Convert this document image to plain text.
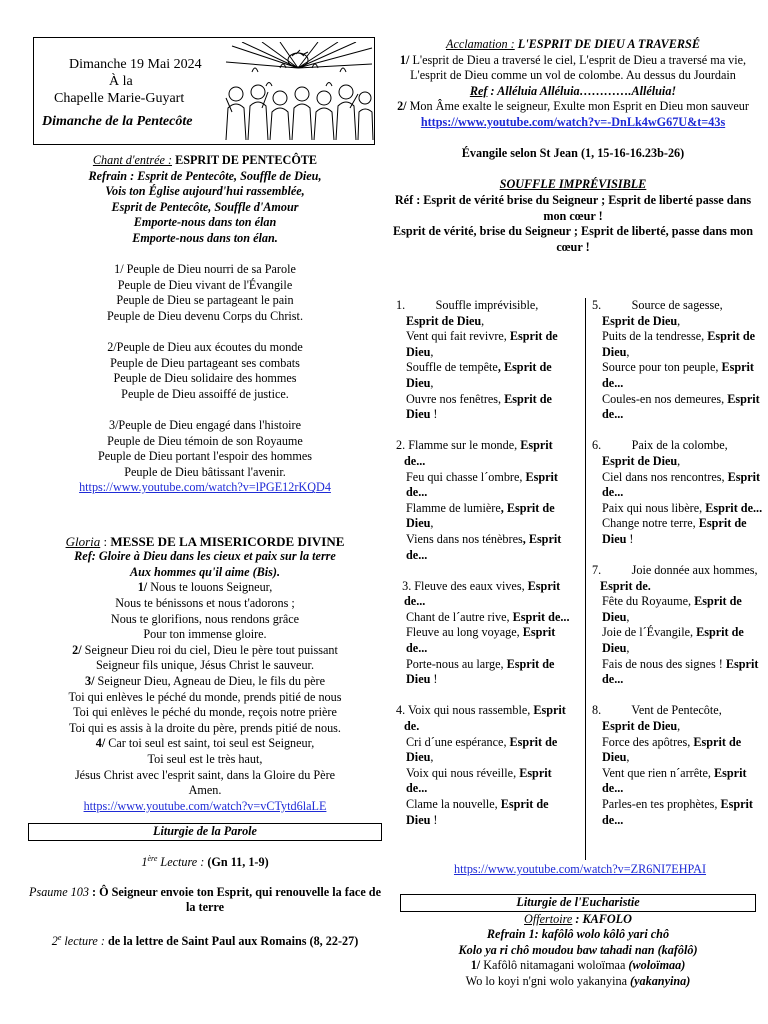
Dimanche 19 Mai 2024
À la
Chapelle Marie-Guyart
Dimanche de la Pentecôte
Chant d'entrée : ESPRIT DE PENTECÔTE
Refrain : Esprit de Pentecôte, Souffle de Dieu,
Vois ton Église aujourd'hui rassemblée,
Esprit de Pentecôte, Souffle d'Amour
Emporte-nous dans ton élan
Emporte-nous dans ton élan.
1/ Peuple de Dieu nourri de sa Parole
Peuple de Dieu vivant de l'Évangile
Peuple de Dieu se partageant le pain
Peuple de Dieu devenu Corps du Christ.
2/Peuple de Dieu aux écoutes du monde
Peuple de Dieu partageant ses combats
Peuple de Dieu solidaire des hommes
Peuple de Dieu assoiffé de justice.
3/Peuple de Dieu engagé dans l'histoire
Peuple de Dieu témoin de son Royaume
Peuple de Dieu portant l'espoir des hommes
Peuple de Dieu bâtissant l'avenir.
https://www.youtube.com/watch?v=lPGE12rKQD4
Gloria : MESSE DE LA MISERICORDE DIVINE
Ref: Gloire à Dieu dans les cieux et paix sur la terre
Aux hommes qu'il aime (Bis).
1/ Nous te louons Seigneur,
Nous te bénissons et nous t'adorons ;
Nous te glorifions, nous rendons grâce
Pour ton immense gloire.
2/ Seigneur Dieu roi du ciel, Dieu le père tout puissant
Seigneur fils unique, Jésus Christ le sauveur.
3/ Seigneur Dieu, Agneau de Dieu, le fils du père
Toi qui enlèves le péché du monde, prends pitié de nous
Toi qui enlèves le péché du monde, reçois notre prière
Toi qui es assis à la droite du père, prends pitié de nous.
4/ Car toi seul est saint, toi seul est Seigneur,
Toi seul est le très haut,
Jésus Christ avec l'esprit saint, dans la Gloire du Père
Amen.
https://www.youtube.com/watch?v=vCTytd6laLE
Liturgie de la Parole
1ère Lecture : (Gn 11, 1-9)
Psaume 103 : Ô Seigneur envoie ton Esprit, qui renouvelle la face de la terre
2e lecture : de la lettre de Saint Paul aux Romains (8, 22-27)
Acclamation : L'ESPRIT DE DIEU A TRAVERSÉ
1/ L'esprit de Dieu a traversé le ciel, L'esprit de Dieu a traversé ma vie, L'esprit de Dieu comme un vol de colombe. Au dessus du Jourdain
Ref : Alléluia Alléluia………….Alléluia!
2/ Mon Âme exalte le seigneur, Exulte mon Esprit en Dieu mon sauveur
https://www.youtube.com/watch?v=-DnLk4wG67U&t=43s
Évangile selon St Jean (1, 15-16-16.23b-26)
SOUFFLE IMPRÉVISIBLE
Réf : Esprit de vérité brise du Seigneur ; Esprit de liberté passe dans mon cœur !
Esprit de vérité, brise du Seigneur ; Esprit de liberté, passe dans mon cœur !
1.          Souffle imprévisible,
Esprit de Dieu,
Vent qui fait revivre, Esprit de Dieu,
Souffle de tempête, Esprit de Dieu,
Ouvre nos fenêtres, Esprit de Dieu !
2. Flamme sur le monde, Esprit de...
Feu qui chasse l´ombre, Esprit de...
Flamme de lumière, Esprit de Dieu,
Viens dans nos ténèbres, Esprit de...
3. Fleuve des eaux vives, Esprit de...
Chant de l´autre rive, Esprit de...
Fleuve au long voyage, Esprit de...
Porte-nous au large, Esprit de Dieu !
4. Voix qui nous rassemble, Esprit de.
Cri d´une espérance, Esprit de Dieu,
Voix qui nous réveille, Esprit de...
Clame la nouvelle, Esprit de Dieu !
5.          Source de sagesse,
Esprit de Dieu,
Puits de la tendresse, Esprit de Dieu,
Source pour ton peuple, Esprit de...
Coules-en nos demeures, Esprit de...
6.          Paix de la colombe,
Esprit de Dieu,
Ciel dans nos rencontres, Esprit de...
Paix qui nous libère, Esprit de...
Change notre terre, Esprit de Dieu !
7.          Joie donnée aux hommes, Esprit de.
Fête du Royaume, Esprit de Dieu,
Joie de l´Évangile, Esprit de Dieu,
Fais de nous des signes ! Esprit de...
8.          Vent de Pentecôte,
Esprit de Dieu,
Force des apôtres, Esprit de Dieu,
Vent que rien n´arrête, Esprit de...
Parles-en tes prophètes, Esprit de...
https://www.youtube.com/watch?v=ZR6NI7EHPAI
Liturgie de l'Eucharistie
Offertoire : KAFOLO
Refrain 1: kafôlô wolo kôlô yari chô
Kolo ya ri chô moudou baw tahadi nan (kafôlô)
1/ Kafôlô nitamagani woloïmaa (woloïmaa)
Wo lo koyi n'gni wolo yakanyina (yakanyina)
